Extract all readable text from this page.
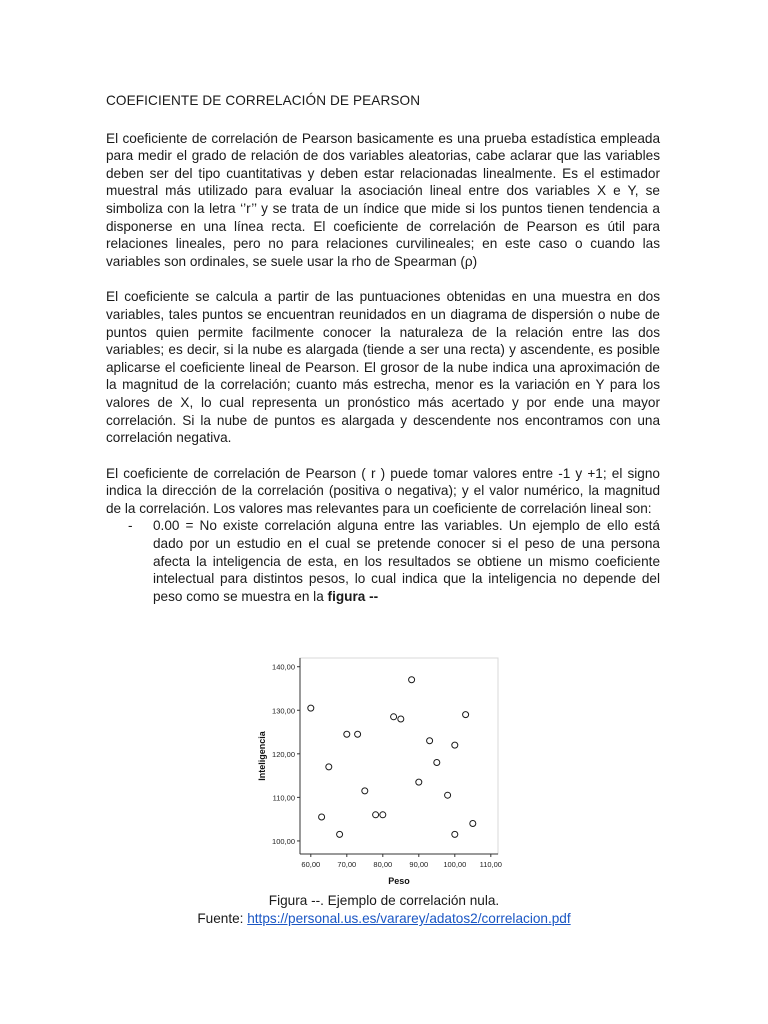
COEFICIENTE DE CORRELACIÓN DE PEARSON

El coeficiente de correlación de Pearson basicamente es una prueba estadística empleada para medir el grado de relación de dos variables aleatorias, cabe aclarar que las variables deben ser del tipo cuantitativas y deben estar relacionadas linealmente. Es el estimador muestral más utilizado para evaluar la asociación lineal entre dos variables X e Y, se simboliza con la letra ‘’r’’ y se trata de un índice que mide si los puntos tienen tendencia a disponerse en una línea recta. El coeficiente de correlación de Pearson es útil para relaciones lineales, pero no para relaciones curvilineales; en este caso o cuando las variables son ordinales, se suele usar la rho de Spearman (ρ)

El coeficiente se calcula a partir de las puntuaciones obtenidas en una muestra en dos variables, tales puntos se encuentran reunidados en un diagrama de dispersión o nube de puntos quien permite facilmente conocer la naturaleza de la relación entre las dos variables; es decir, si la nube es alargada (tiende a ser una recta) y ascendente, es posible aplicarse el coeficiente lineal de Pearson. El grosor de la nube indica una aproximación de la magnitud de la correlación; cuanto más estrecha, menor es la variación en Y para los valores de X, lo cual representa un pronóstico más acertado y por ende una mayor correlación. Si la nube de puntos es alargada y descendente nos encontramos con una correlación negativa.

El coeficiente de correlación de Pearson ( r ) puede tomar valores entre -1 y +1; el signo indica la dirección de la correlación (positiva o negativa); y el valor numérico, la magnitud de la correlación. Los valores mas relevantes para un coeficiente de correlación lineal son:

- 0.00 = No existe correlación alguna entre las variables. Un ejemplo de ello está dado por un estudio en el cual se pretende conocer si el peso de una persona afecta la inteligencia de esta, en los resultados se obtiene un mismo coeficiente intelectual para distintos pesos, lo cual indica que la inteligencia no depende del peso como se muestra en la figura --
100,00
110,00
120,00
130,00
140,00
60,00 70,00 80,00 90,00 100,00 110,00
Peso
Inteligencia
Figura --. Ejemplo de correlación nula.
Fuente: https://personal.us.es/vararey/adatos2/correlacion.pdf
